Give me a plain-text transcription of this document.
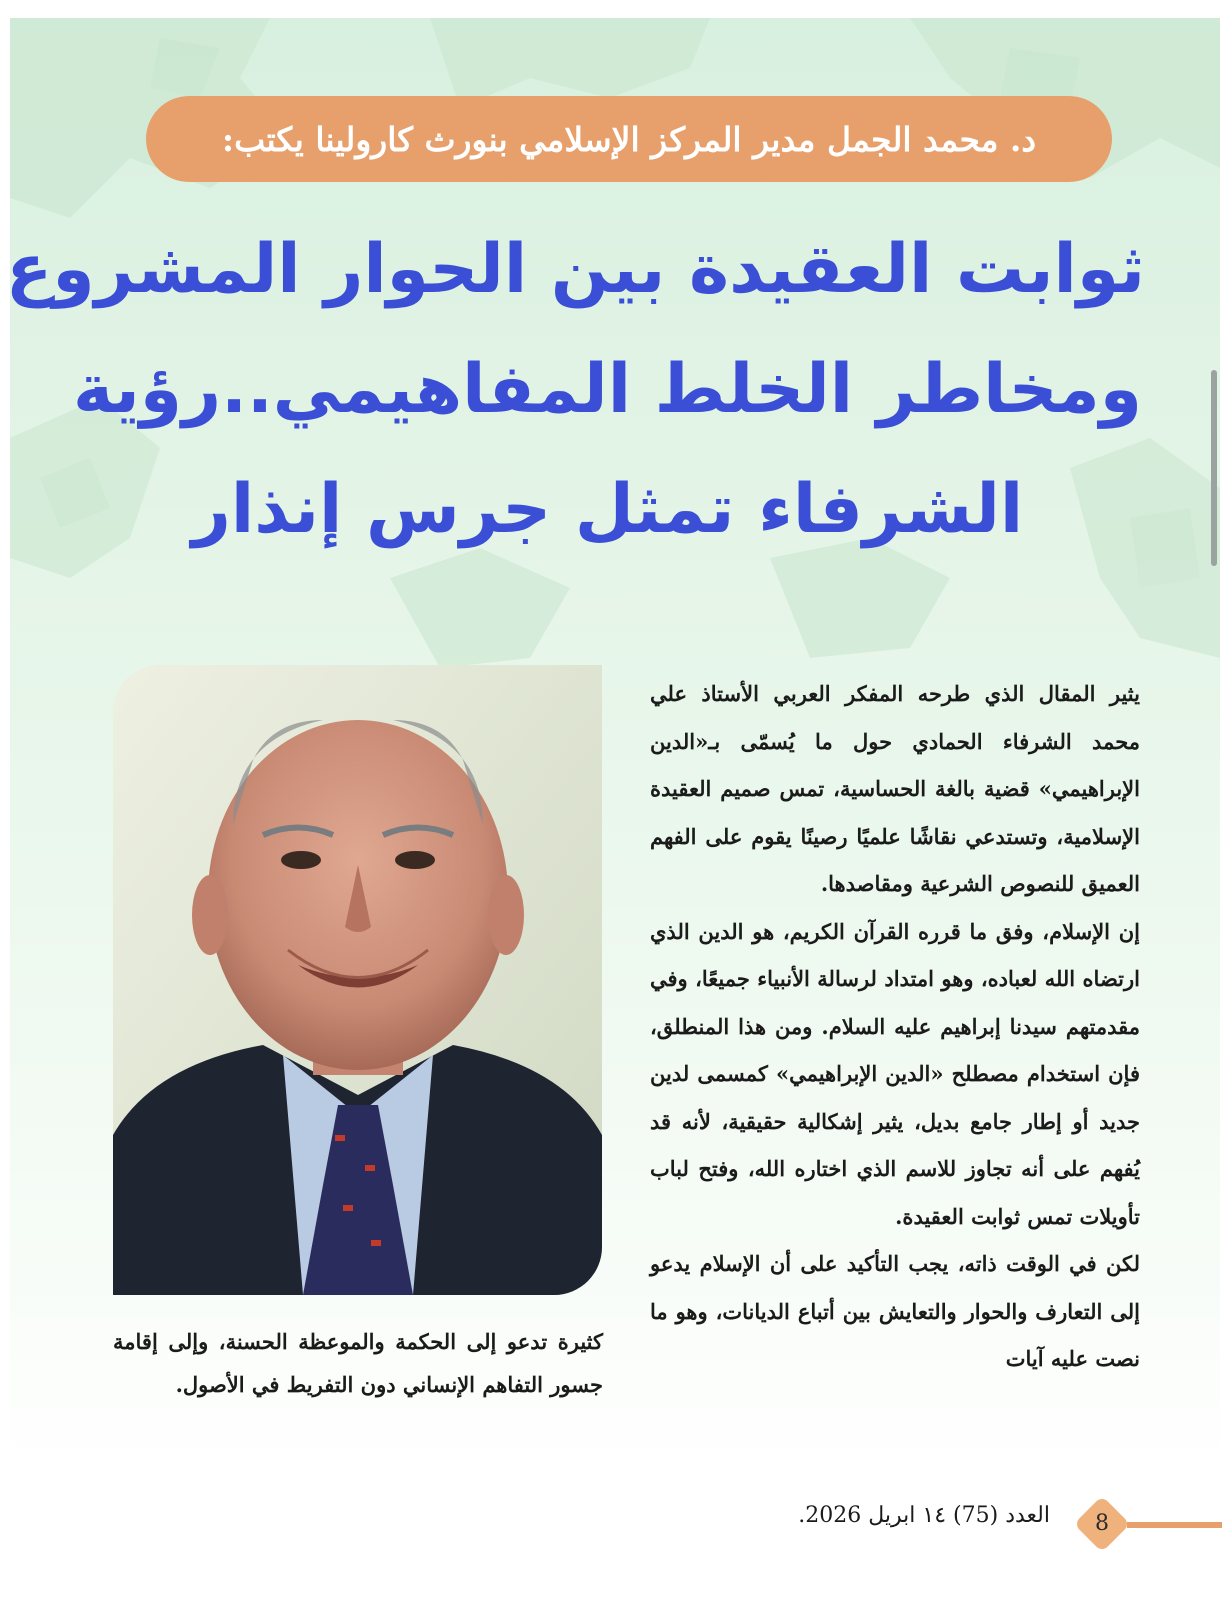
د. محمد الجمل مدير المركز الإسلامي بنورث كارولينا يكتب:
ثوابت العقيدة بين الحوار المشروع
ومخاطر الخلط المفاهيمي..رؤية
الشرفاء تمثل جرس إنذار

يثير المقال الذي طرحه المفكر العربي الأستاذ علي محمد الشرفاء الحمادي حول ما يُسمّى بـ«الدين الإبراهيمي» قضية بالغة الحساسية، تمس صميم العقيدة الإسلامية، وتستدعي نقاشًا علميًا رصينًا يقوم على الفهم العميق للنصوص الشرعية ومقاصدها.

إن الإسلام، وفق ما قرره القرآن الكريم، هو الدين الذي ارتضاه الله لعباده، وهو امتداد لرسالة الأنبياء جميعًا، وفي مقدمتهم سيدنا إبراهيم عليه السلام. ومن هذا المنطلق، فإن استخدام مصطلح «الدين الإبراهيمي» كمسمى لدين جديد أو إطار جامع بديل، يثير إشكالية حقيقية، لأنه قد يُفهم على أنه تجاوز للاسم الذي اختاره الله، وفتح لباب تأويلات تمس ثوابت العقيدة.

لكن في الوقت ذاته، يجب التأكيد على أن الإسلام يدعو إلى التعارف والحوار والتعايش بين أتباع الديانات، وهو ما نصت عليه آيات

كثيرة تدعو إلى الحكمة والموعظة الحسنة، وإلى إقامة جسور التفاهم الإنساني دون التفريط في الأصول.
8
العدد (75) ١٤ ابريل 2026.
